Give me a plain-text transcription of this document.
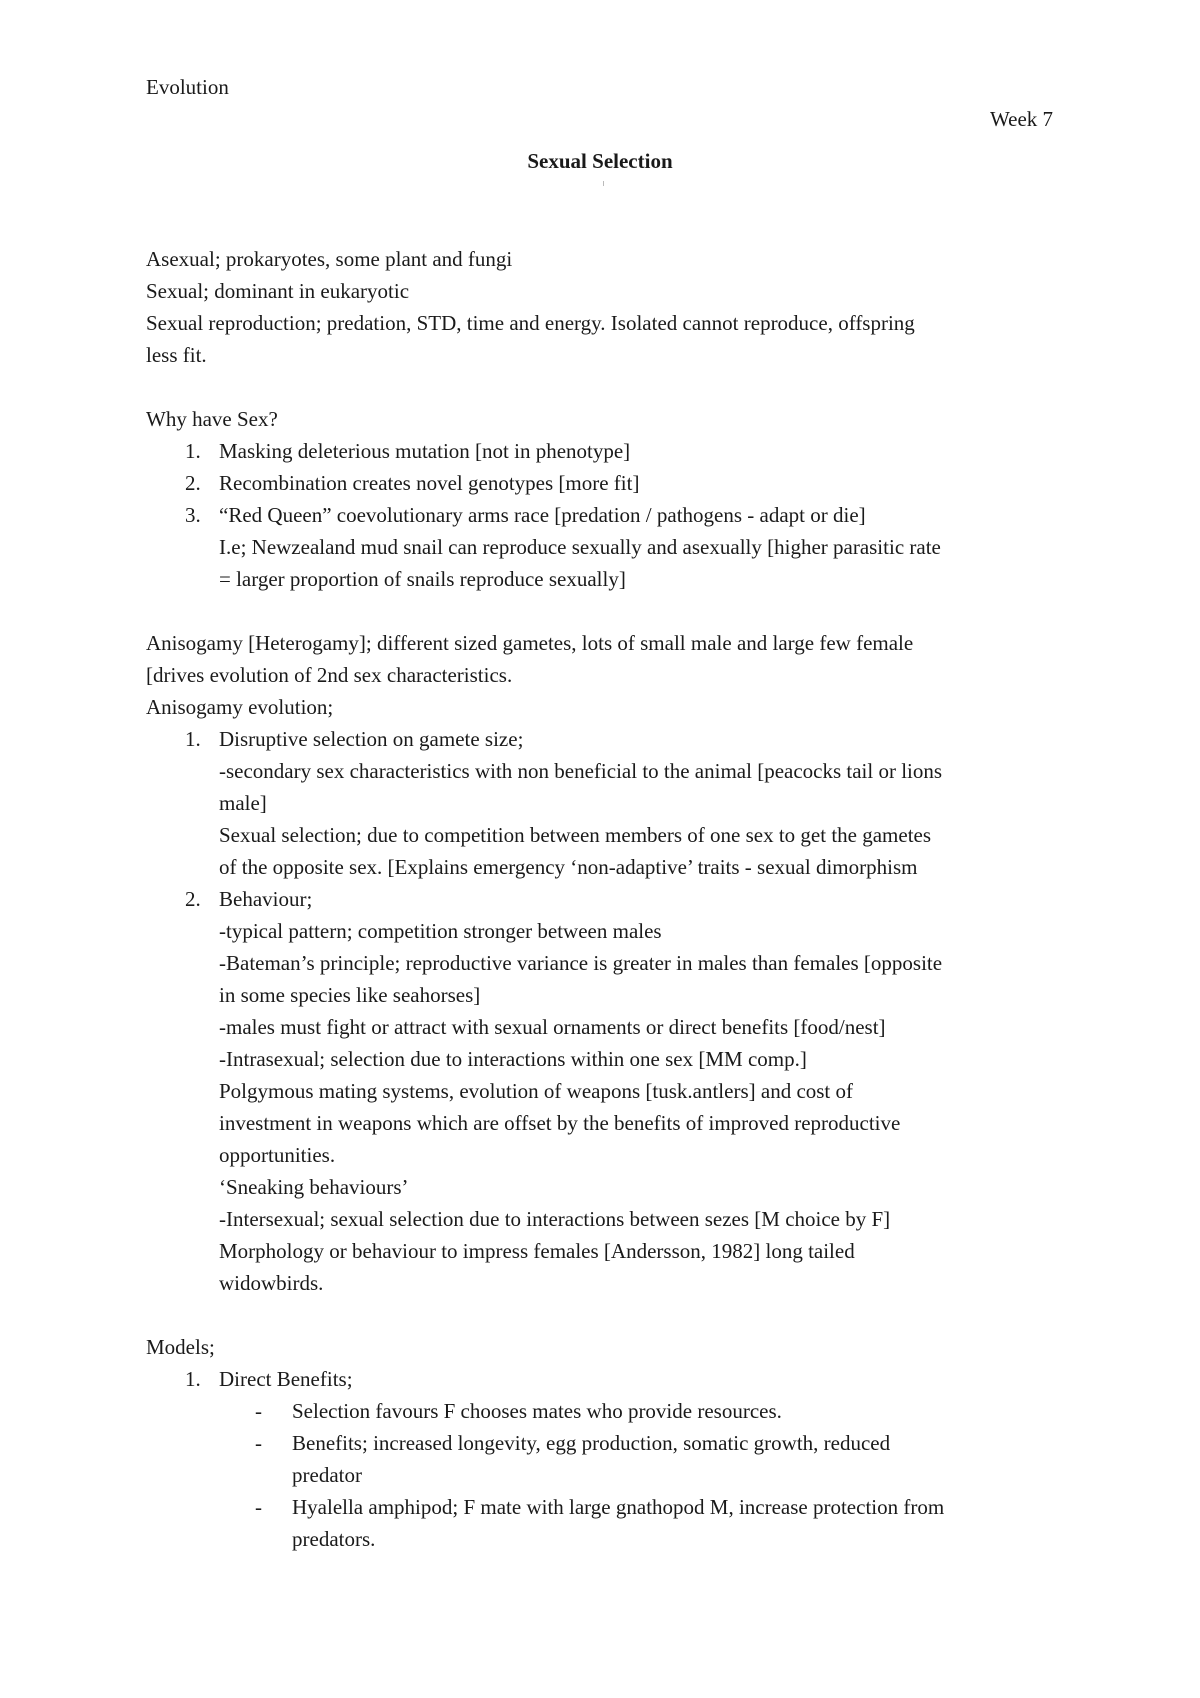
Evolution
Week 7
Sexual Selection
Asexual; prokaryotes, some plant and fungi
Sexual; dominant in eukaryotic
Sexual reproduction; predation, STD, time and energy. Isolated cannot reproduce, offspring
less fit.
Why have Sex?
1. Masking deleterious mutation [not in phenotype]
2. Recombination creates novel genotypes [more fit]
3. “Red Queen” coevolutionary arms race [predation / pathogens - adapt or die]
I.e; Newzealand mud snail can reproduce sexually and asexually [higher parasitic rate
= larger proportion of snails reproduce sexually]
Anisogamy [Heterogamy]; different sized gametes, lots of small male and large few female
[drives evolution of 2nd sex characteristics.
Anisogamy evolution;
1. Disruptive selection on gamete size;
-secondary sex characteristics with non beneficial to the animal [peacocks tail or lions
male]
Sexual selection; due to competition between members of one sex to get the gametes
of the opposite sex. [Explains emergency ‘non-adaptive’ traits - sexual dimorphism
2. Behaviour;
-typical pattern; competition stronger between males
-Bateman’s principle; reproductive variance is greater in males than females [opposite
in some species like seahorses]
-males must fight or attract with sexual ornaments or direct benefits [food/nest]
-Intrasexual; selection due to interactions within one sex [MM comp.]
Polgymous mating systems, evolution of weapons [tusk.antlers] and cost of
investment in weapons which are offset by the benefits of improved reproductive
opportunities.
‘Sneaking behaviours’
-Intersexual; sexual selection due to interactions between sezes [M choice by F]
Morphology or behaviour to impress females [Andersson, 1982] long tailed
widowbirds.
Models;
1. Direct Benefits;
- Selection favours F chooses mates who provide resources.
- Benefits; increased longevity, egg production, somatic growth, reduced
predator
- Hyalella amphipod; F mate with large gnathopod M, increase protection from
predators.
